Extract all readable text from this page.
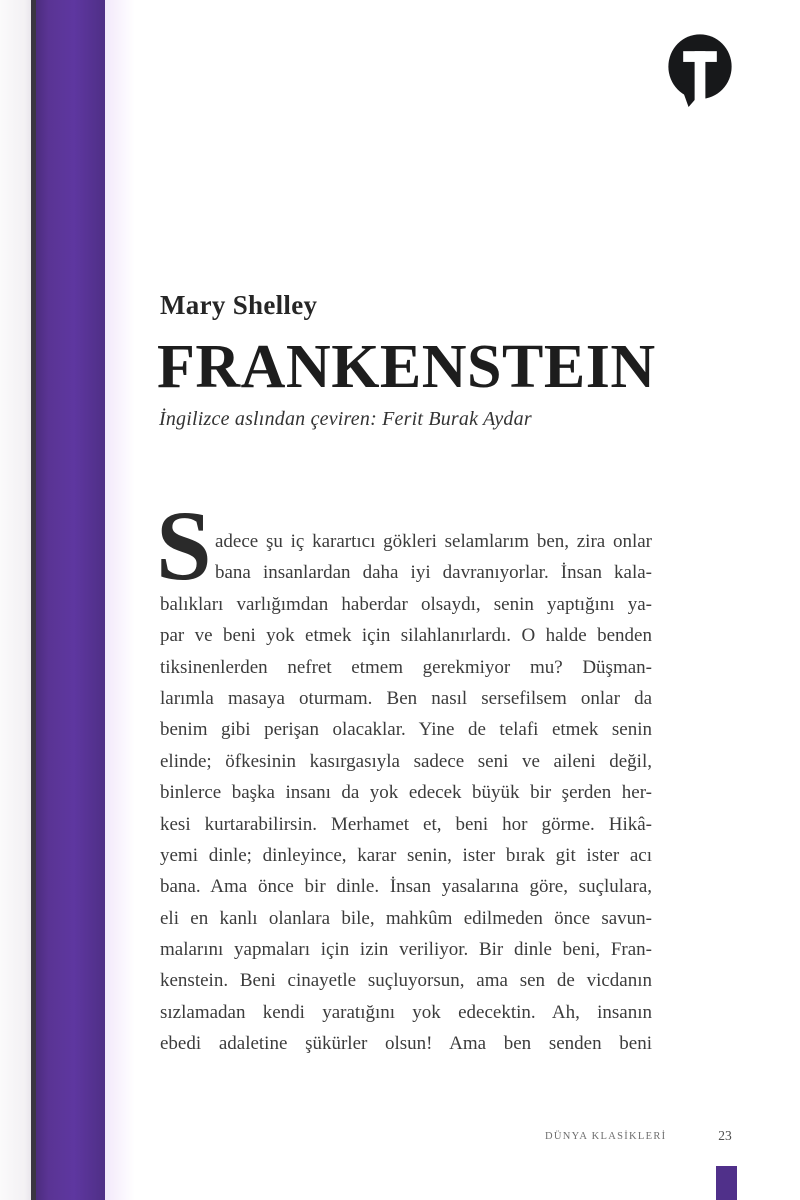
Mary Shelley
FRANKENSTEIN
İngilizce aslından çeviren: Ferit Burak Aydar
S adece şu iç karartıcı gökleri selamlarım ben, zira onlar
bana insanlardan daha iyi davranıyorlar. İnsan kala-
balıkları varlığımdan haberdar olsaydı, senin yaptığını ya-
par ve beni yok etmek için silahlanırlardı. O halde benden
tiksinenlerden nefret etmem gerekmiyor mu? Düşman-
larımla masaya oturmam. Ben nasıl sersefilsem onlar da
benim gibi perişan olacaklar. Yine de telafi etmek senin
elinde; öfkesinin kasırgasıyla sadece seni ve aileni değil,
binlerce başka insanı da yok edecek büyük bir şerden her-
kesi kurtarabilirsin. Merhamet et, beni hor görme. Hikâ-
yemi dinle; dinleyince, karar senin, ister bırak git ister acı
bana. Ama önce bir dinle. İnsan yasalarına göre, suçlulara,
eli en kanlı olanlara bile, mahkûm edilmeden önce savun-
malarını yapmaları için izin veriliyor. Bir dinle beni, Fran-
kenstein. Beni cinayetle suçluyorsun, ama sen de vicdanın
sızlamadan kendi yaratığını yok edecektin. Ah, insanın
ebedi adaletine şükürler olsun! Ama ben senden beni
DÜNYA KLASİKLERİ	23
